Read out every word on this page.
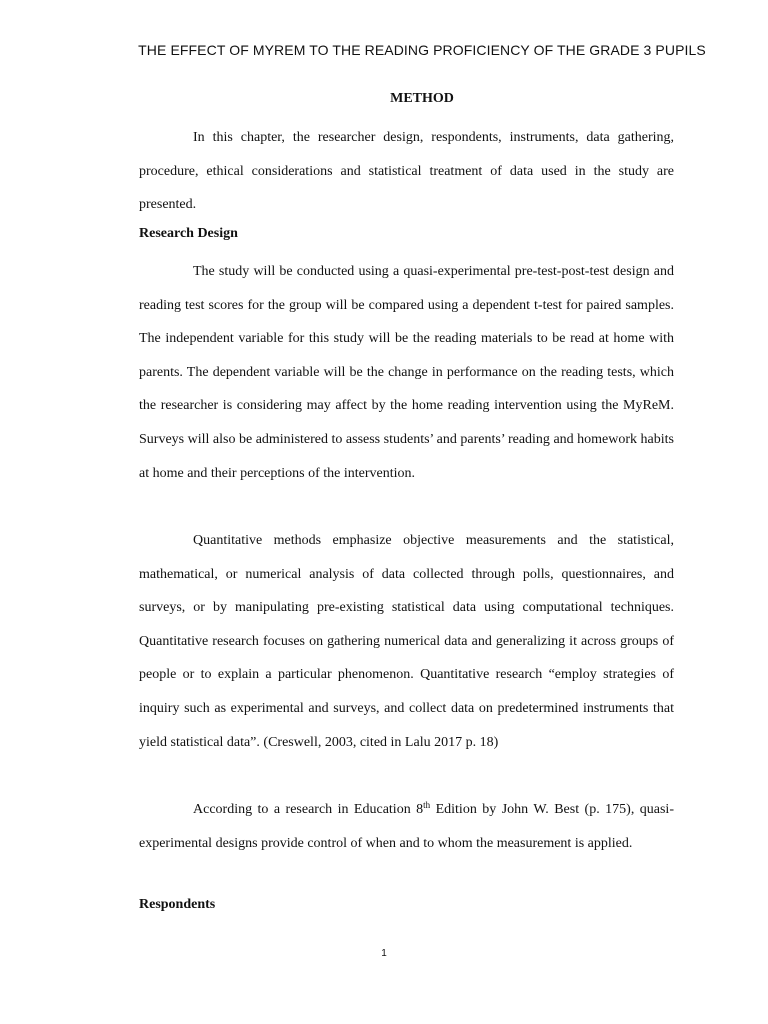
THE EFFECT OF MYREM TO THE READING PROFICIENCY OF THE GRADE 3 PUPILS
METHOD

In this chapter, the researcher design, respondents, instruments, data gathering, procedure, ethical considerations and statistical treatment of data used in the study are presented.

Research Design

The study will be conducted using a quasi-experimental pre-test-post-test design and reading test scores for the group will be compared using a dependent t-test for paired samples. The independent variable for this study will be the reading materials to be read at home with parents. The dependent variable will be the change in performance on the reading tests, which the researcher is considering may affect by the home reading intervention using the MyReM. Surveys will also be administered to assess students’ and parents’ reading and homework habits at home and their perceptions of the intervention.

Quantitative methods emphasize objective measurements and the statistical, mathematical, or numerical analysis of data collected through polls, questionnaires, and surveys, or by manipulating pre-existing statistical data using computational techniques. Quantitative research focuses on gathering numerical data and generalizing it across groups of people or to explain a particular phenomenon. Quantitative research “employ strategies of inquiry such as experimental and surveys, and collect data on predetermined instruments that yield statistical data”. (Creswell, 2003, cited in Lalu 2017 p. 18)

According to a research in Education 8th Edition by John W. Best (p. 175), quasi-experimental designs provide control of when and to whom the measurement is applied.

Respondents
1
